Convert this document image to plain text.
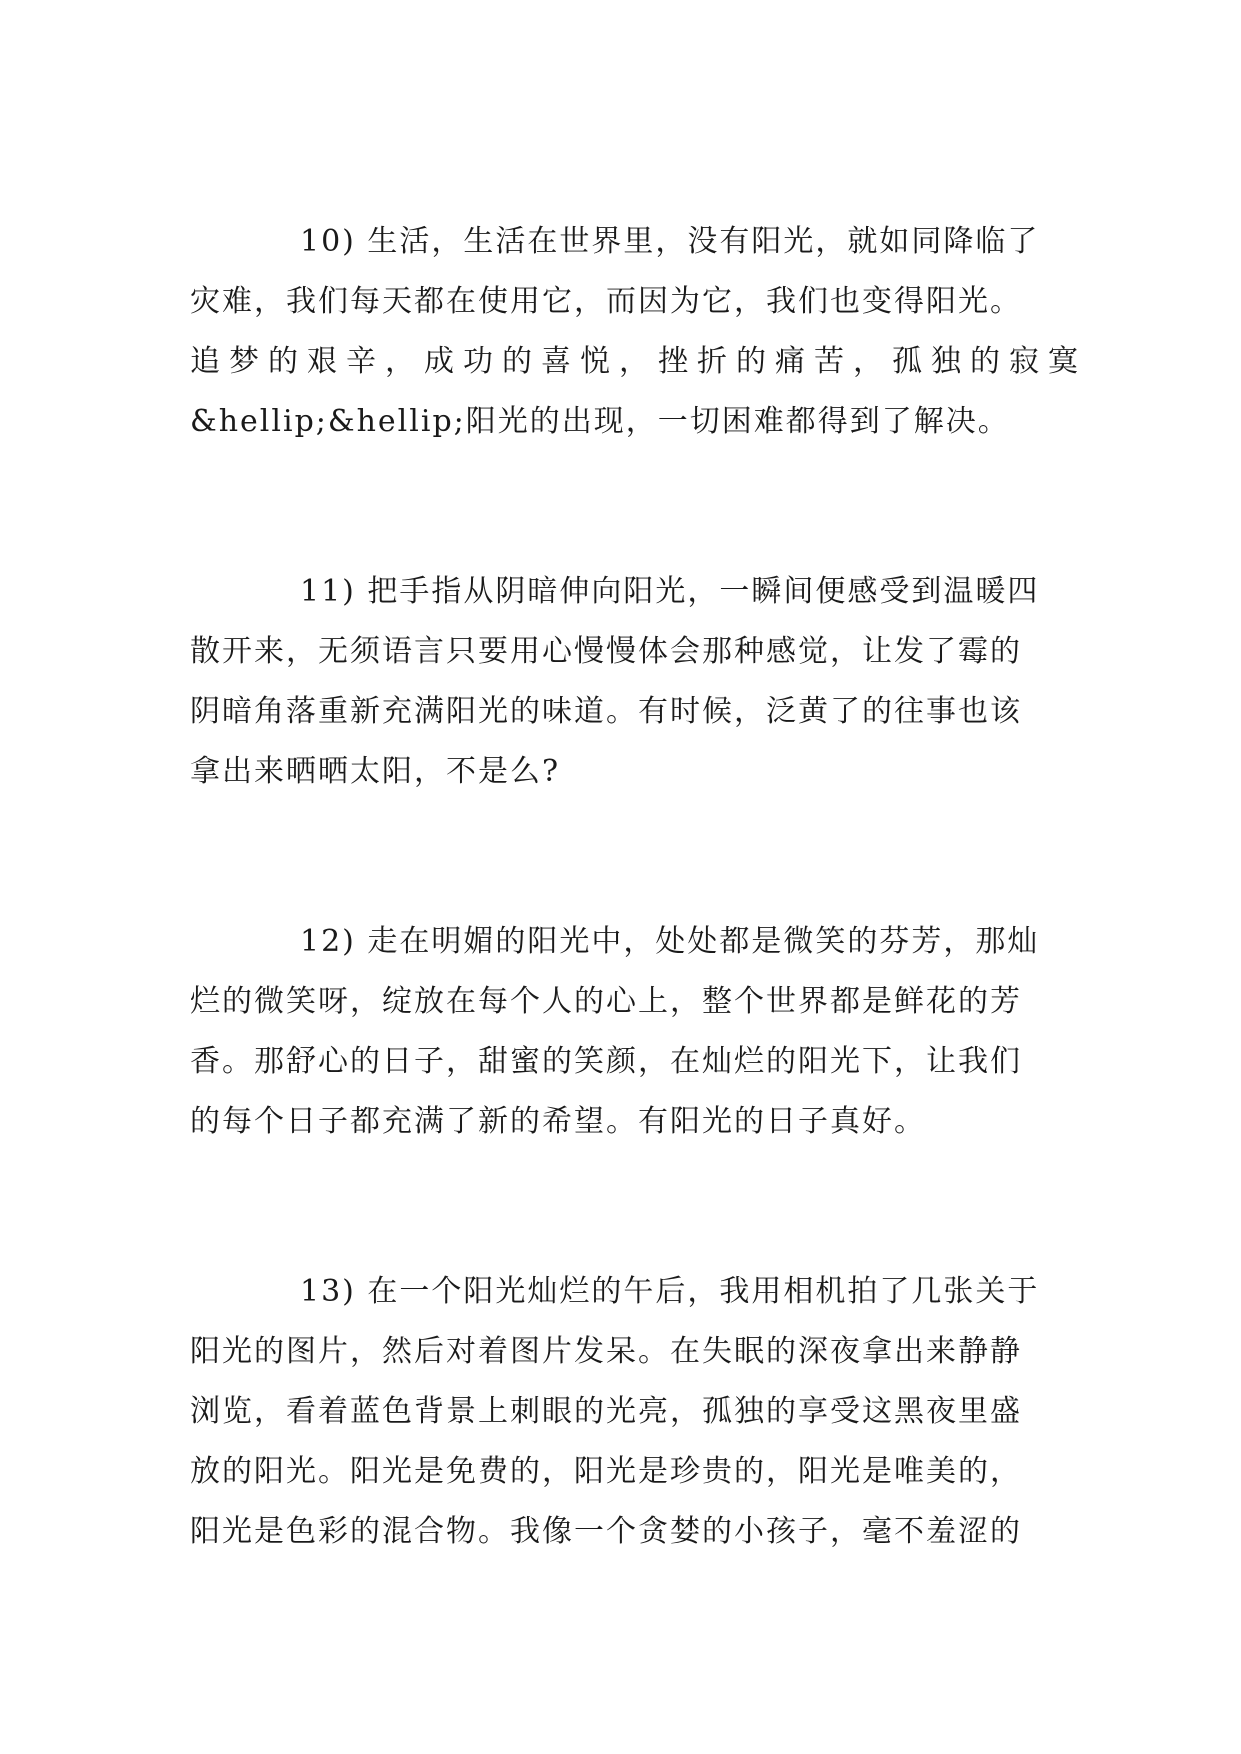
10) 生活，生活在世界里，没有阳光，就如同降临了
灾难，我们每天都在使用它，而因为它，我们也变得阳光。
追梦的艰辛，成功的喜悦，挫折的痛苦，孤独的寂寞
&hellip;&hellip;阳光的出现，一切困难都得到了解决。
11) 把手指从阴暗伸向阳光，一瞬间便感受到温暖四
散开来，无须语言只要用心慢慢体会那种感觉，让发了霉的
阴暗角落重新充满阳光的味道。有时候，泛黄了的往事也该
拿出来晒晒太阳，不是么?
12) 走在明媚的阳光中，处处都是微笑的芬芳，那灿
烂的微笑呀，绽放在每个人的心上，整个世界都是鲜花的芳
香。那舒心的日子，甜蜜的笑颜，在灿烂的阳光下，让我们
的每个日子都充满了新的希望。有阳光的日子真好。
13) 在一个阳光灿烂的午后，我用相机拍了几张关于
阳光的图片，然后对着图片发呆。在失眠的深夜拿出来静静
浏览，看着蓝色背景上刺眼的光亮，孤独的享受这黑夜里盛
放的阳光。阳光是免费的，阳光是珍贵的，阳光是唯美的，
阳光是色彩的混合物。我像一个贪婪的小孩子，毫不羞涩的
